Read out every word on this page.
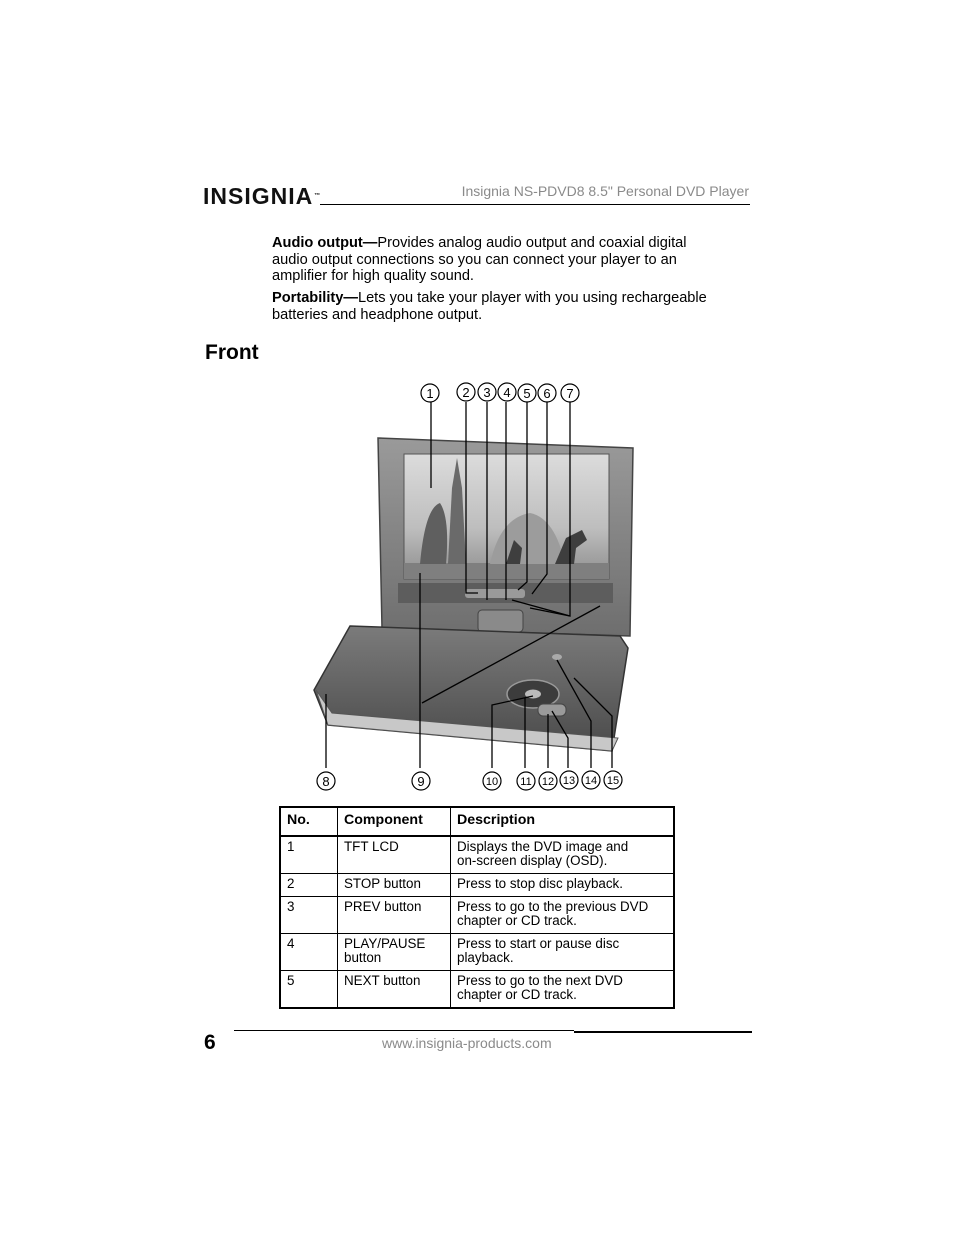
INSIGNIA™	Insignia NS-PDVD8 8.5" Personal DVD Player
Audio output—Provides analog audio output and coaxial digital
audio output connections so you can connect your player to an
amplifier for high quality sound.
Portability—Lets you take your player with you using rechargeable
batteries and headphone output.
Front
1 2 3 4 5 6 7
8	9	10 11 12 13 14 15
No.	Component	Description
1	TFT LCD	Displays the DVD image and
on-screen display (OSD).
2	STOP button	Press to stop disc playback.
3	PREV button	Press to go to the previous DVD
chapter or CD track.
4	PLAY/PAUSE
button	Press to start or pause disc
playback.
5	NEXT button	Press to go to the next DVD
chapter or CD track.
6	www.insignia-products.com
